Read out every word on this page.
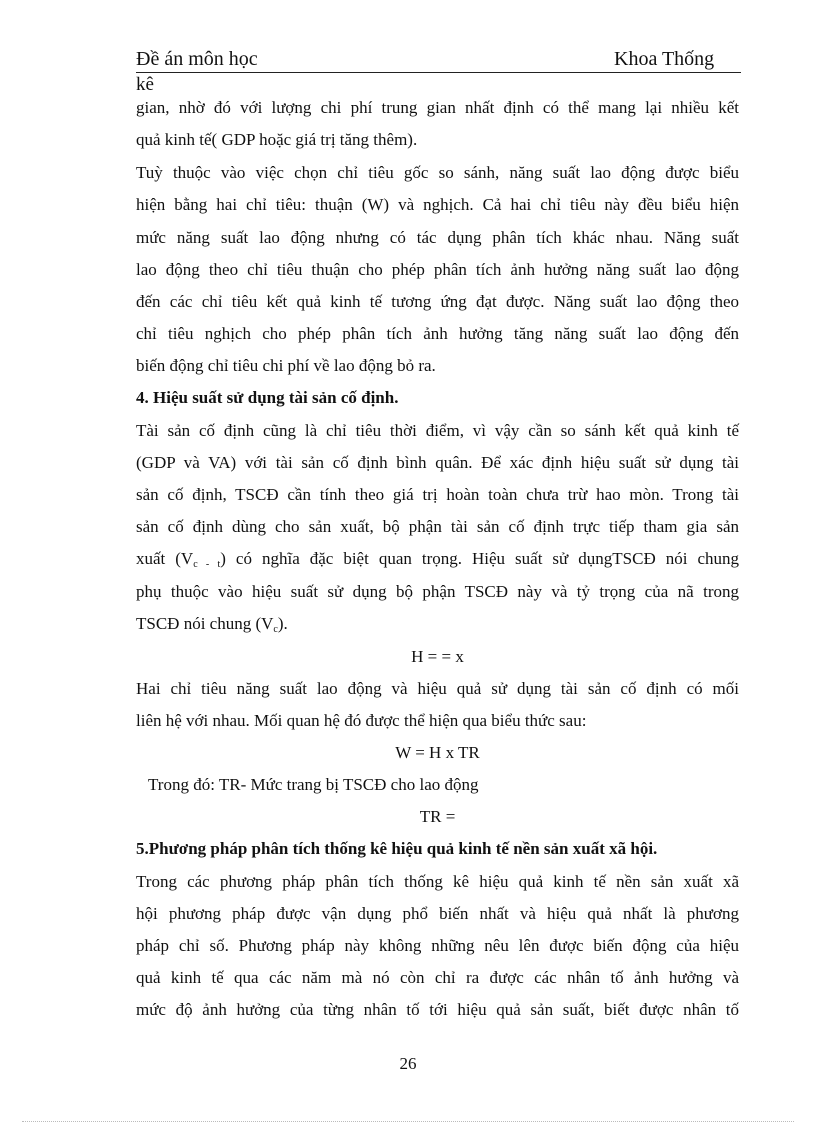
Đề án môn học	Khoa Thống
kê
gian, nhờ đó với lượng chi phí trung gian nhất định có thể mang lại nhiều kết
quả kinh tế( GDP hoặc giá trị tăng thêm).
Tuỳ thuộc vào việc chọn chỉ tiêu gốc so sánh, năng suất lao động được biểu
hiện bằng hai chỉ tiêu: thuận (W) và nghịch. Cả hai chỉ tiêu này đều biểu hiện
mức năng suất lao động nhưng có tác dụng phân tích khác nhau. Năng suất
lao động theo chỉ tiêu thuận cho phép phân tích ảnh hưởng năng suất lao động
đến các chỉ tiêu kết quả kinh tế tương ứng đạt được. Năng suất lao động theo
chỉ tiêu nghịch cho phép phân tích ảnh hưởng tăng năng suất lao động đến
biến động chỉ tiêu chi phí về lao động bỏ ra.
4. Hiệu suất sử dụng tài sản cố định.
Tài sản cố định cũng là chỉ tiêu thời điểm, vì vậy cần so sánh kết quả kinh tế
(GDP và VA) với tài sản cố định bình quân. Để xác định hiệu suất sử dụng tài
sản cố định, TSCĐ cần tính theo giá trị hoàn toàn chưa trừ hao mòn. Trong tài
sản cố định dùng cho sản xuất, bộ phận tài sản cố định trực tiếp tham gia sản
xuất $(V_{c - t})$ có nghĩa đặc biệt quan trọng. Hiệu suất sử dụngTSCĐ nói chung
phụ thuộc vào hiệu suất sử dụng bộ phận TSCĐ này và tỷ trọng của nã trong
TSCĐ nói chung $(V_c)$.
H = = x
Hai chỉ tiêu năng suất lao động và hiệu quả sử dụng tài sản cố định có mối
liên hệ với nhau. Mối quan hệ đó được thể hiện qua biểu thức sau:
W = H x TR
Trong đó: TR- Mức trang bị TSCĐ cho lao động
TR =
5.Phương pháp phân tích thống kê hiệu quả kinh tế nền sản xuất xã hội.
Trong các phương pháp phân tích thống kê hiệu quả kinh tế nền sản xuất xã
hội phương pháp được vận dụng phổ biến nhất và hiệu quả nhất là phương
pháp chỉ số. Phương pháp này không những nêu lên được biến động của hiệu
quả kinh tế qua các năm mà nó còn chỉ ra được các nhân tố ảnh hưởng và
mức độ ảnh hưởng của từng nhân tố tới hiệu quả sản suất, biết được nhân tố
26
